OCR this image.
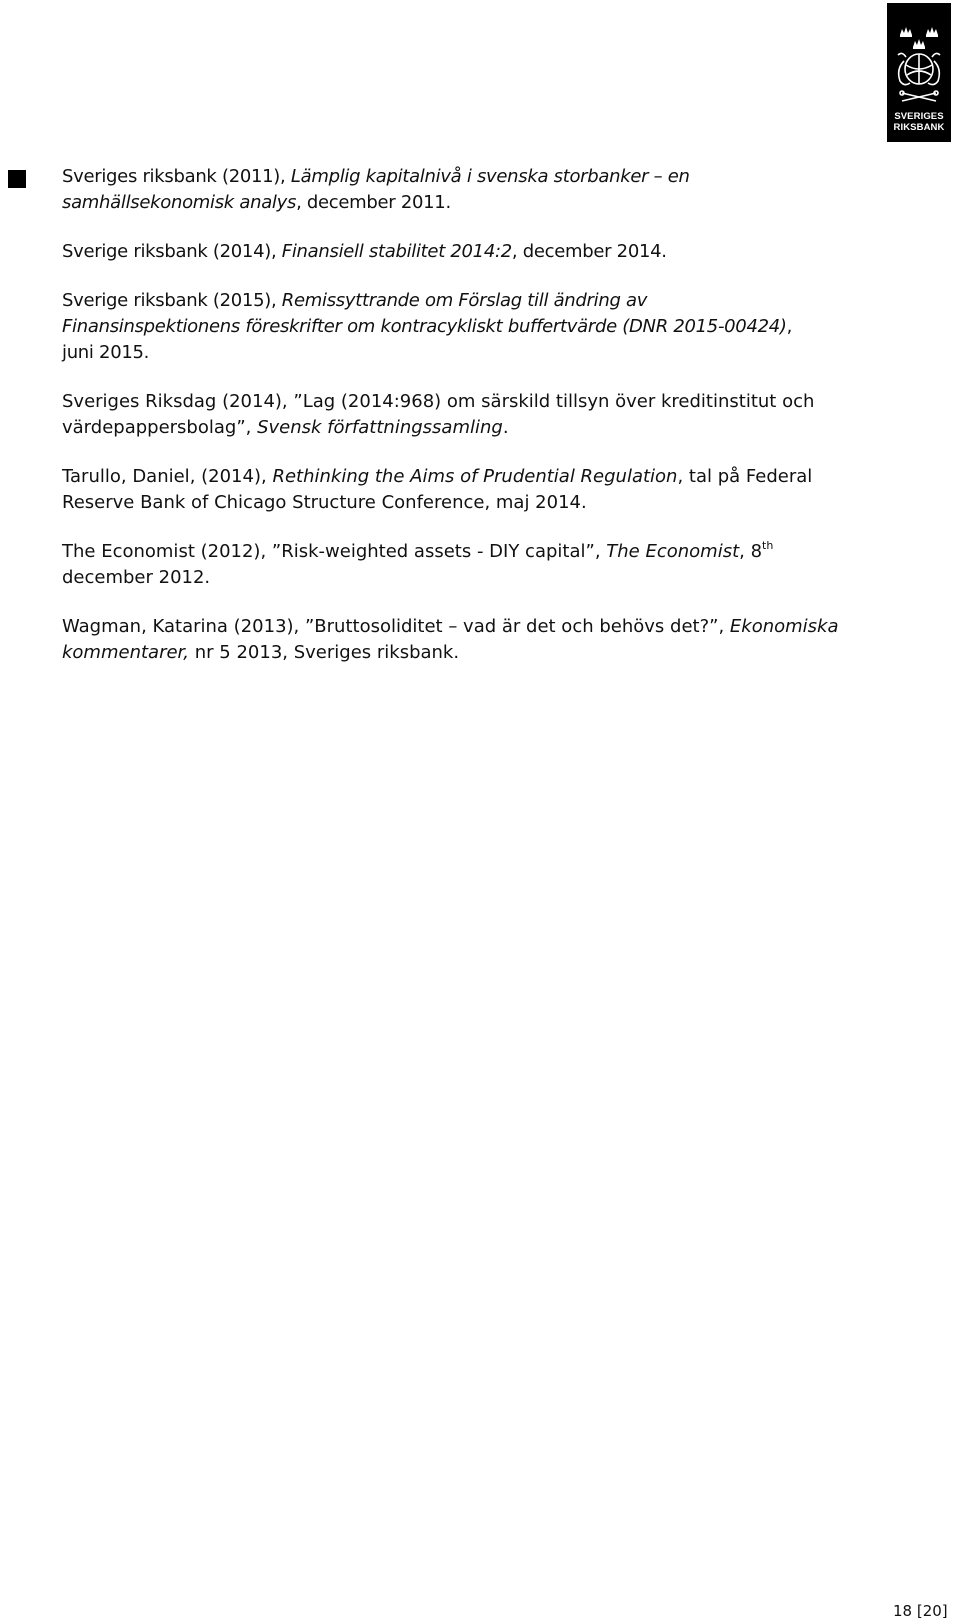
SVERIGES
RIKSBANK

Sveriges riksbank (2011), Lämplig kapitalnivå i svenska storbanker – en
samhällsekonomisk analys, december 2011.

Sverige riksbank (2014), Finansiell stabilitet 2014:2, december 2014.

Sverige riksbank (2015), Remissyttrande om Förslag till ändring av
Finansinspektionens föreskrifter om kontracykliskt buffertvärde (DNR 2015-00424),
juni 2015.

Sveriges Riksdag (2014), ”Lag (2014:968) om särskild tillsyn över kreditinstitut och
värdepappersbolag”, Svensk författningssamling.

Tarullo, Daniel, (2014), Rethinking the Aims of Prudential Regulation, tal på Federal
Reserve Bank of Chicago Structure Conference, maj 2014.

The Economist (2012), ”Risk-weighted assets - DIY capital”, The Economist, 8th
december 2012.

Wagman, Katarina (2013), ”Bruttosoliditet – vad är det och behövs det?”, Ekonomiska
kommentarer, nr 5 2013, Sveriges riksbank.

18 [20]
